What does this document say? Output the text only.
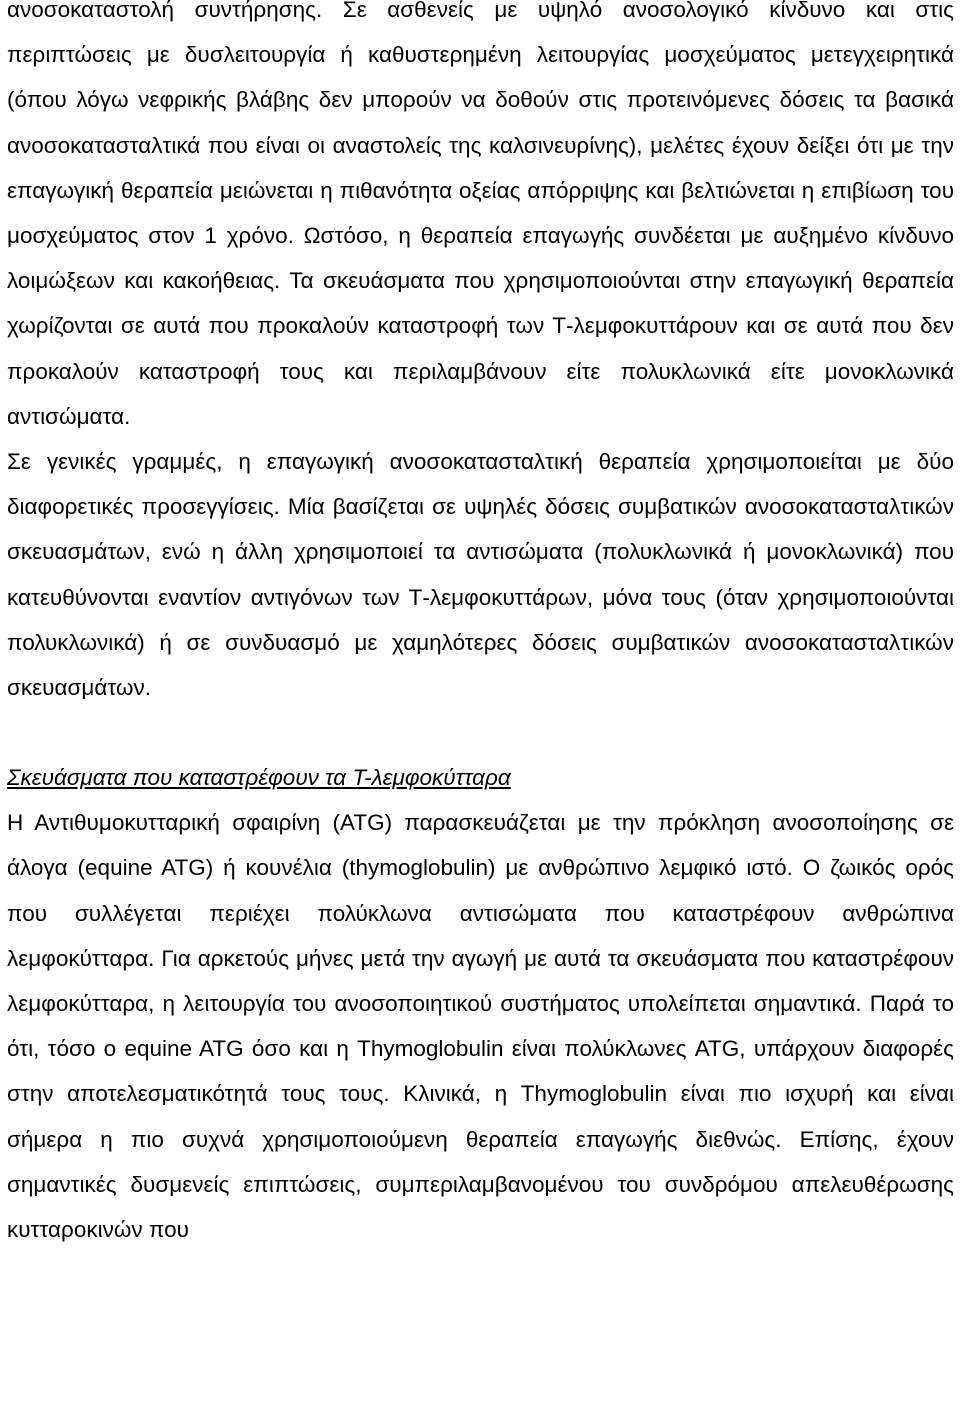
ανοσοκαταστολή συντήρησης. Σε ασθενείς με υψηλό ανοσολογικό κίνδυνο και στις περιπτώσεις με δυσλειτουργία ή καθυστερημένη λειτουργίας μοσχεύματος μετεγχειρητικά (όπου λόγω νεφρικής βλάβης δεν μπορούν να δοθούν στις προτεινόμενες δόσεις τα βασικά ανοσοκατασταλτικά που είναι οι αναστολείς της καλσινευρίνης), μελέτες έχουν δείξει ότι με την επαγωγική θεραπεία μειώνεται η πιθανότητα οξείας απόρριψης και βελτιώνεται η επιβίωση του μοσχεύματος στον 1 χρόνο. Ωστόσο, η θεραπεία επαγωγής συνδέεται με αυξημένο κίνδυνο λοιμώξεων και κακοήθειας. Τα σκευάσματα που χρησιμοποιούνται στην επαγωγική θεραπεία χωρίζονται σε αυτά που προκαλούν καταστροφή των Τ-λεμφοκυττάρουν και σε αυτά που δεν προκαλούν καταστροφή τους και περιλαμβάνουν είτε πολυκλωνικά είτε μονοκλωνικά αντισώματα.

Σε γενικές γραμμές, η επαγωγική ανοσοκατασταλτική θεραπεία χρησιμοποιείται με δύο διαφορετικές προσεγγίσεις. Μία βασίζεται σε υψηλές δόσεις συμβατικών ανοσοκατασταλτικών σκευασμάτων, ενώ η άλλη χρησιμοποιεί τα αντισώματα (πολυκλωνικά ή μονοκλωνικά) που κατευθύνονται εναντίον αντιγόνων των Τ-λεμφοκυττάρων, μόνα τους (όταν χρησιμοποιούνται πολυκλωνικά) ή σε συνδυασμό με χαμηλότερες δόσεις συμβατικών ανοσοκατασταλτικών σκευασμάτων.

Σκευάσματα που καταστρέφουν τα Τ-λεμφοκύτταρα

Η Αντιθυμοκυτταρική σφαιρίνη (ATG) παρασκευάζεται με την πρόκληση ανοσοποίησης σε άλογα (equine ATG) ή κουνέλια (thymoglobulin) με ανθρώπινο λεμφικό ιστό. Ο ζωικός ορός που συλλέγεται περιέχει πολύκλωνα αντισώματα που καταστρέφουν ανθρώπινα λεμφοκύτταρα. Για αρκετούς μήνες μετά την αγωγή με αυτά τα σκευάσματα που καταστρέφουν λεμφοκύτταρα, η λειτουργία του ανοσοποιητικού συστήματος υπολείπεται σημαντικά. Παρά το ότι, τόσο ο equine ATG όσο και η Thymoglobulin είναι πολύκλωνες ATG, υπάρχουν διαφορές στην αποτελεσματικότητά τους τους. Κλινικά, η Thymoglobulin είναι πιο ισχυρή και είναι σήμερα η πιο συχνά χρησιμοποιούμενη θεραπεία επαγωγής διεθνώς. Επίσης, έχουν σημαντικές δυσμενείς επιπτώσεις, συμπεριλαμβανομένου του συνδρόμου απελευθέρωσης κυτταροκινών που
